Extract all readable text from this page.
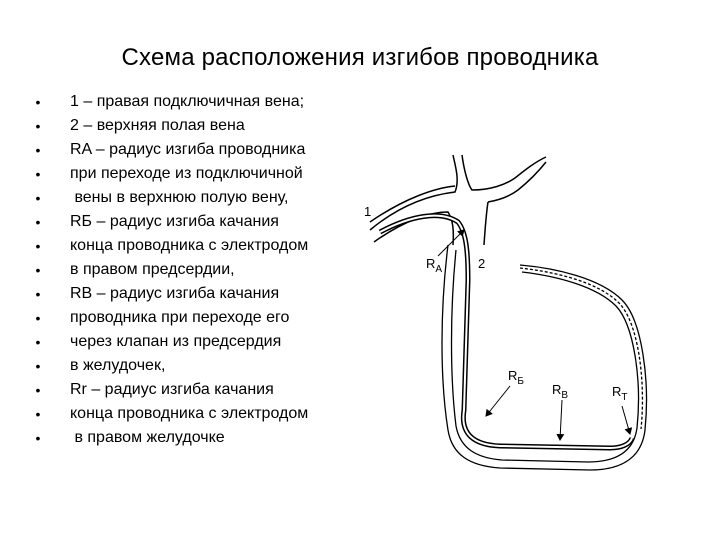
Схема расположения изгибов проводника
• 1 – правая подключичная вена;
• 2 – верхняя полая вена
• RA – радиус изгиба проводника
• при переходе из подключичной
• вены в верхнюю полую вену,
• RБ – радиус изгиба качания
• конца проводника с электродом
• в правом предсердии,
• RB – радиус изгиба качания
• проводника при переходе его
• через клапан из предсердия
• в желудочек,
• Rr – радиус изгиба качания
• конца проводника с электродом
• в правом желудочке
$R_A$	2
1
$R_Б$
$R_B$	$R_T$
